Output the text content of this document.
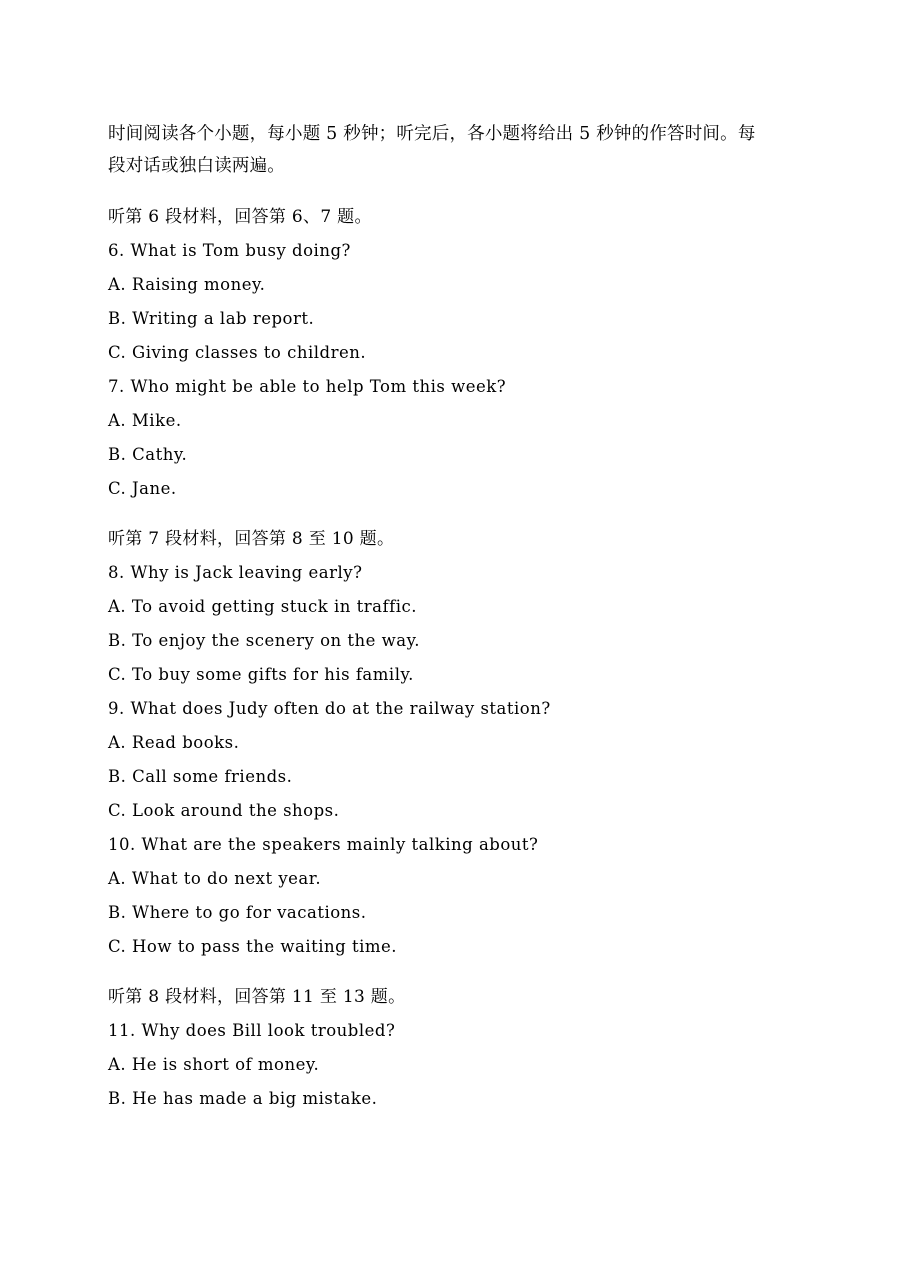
时间阅读各个小题，每小题 5 秒钟；听完后，各小题将给出 5 秒钟的作答时间。每
段对话或独白读两遍。
听第 6 段材料，回答第 6、7 题。
6. What is Tom busy doing?
A. Raising money.
B. Writing a lab report.
C. Giving classes to children.
7. Who might be able to help Tom this week?
A. Mike.
B. Cathy.
C. Jane.
听第 7 段材料，回答第 8 至 10 题。
8. Why is Jack leaving early?
A. To avoid getting stuck in traffic.
B. To enjoy the scenery on the way.
C. To buy some gifts for his family.
9. What does Judy often do at the railway station?
A. Read books.
B. Call some friends.
C. Look around the shops.
10. What are the speakers mainly talking about?
A. What to do next year.
B. Where to go for vacations.
C. How to pass the waiting time.
听第 8 段材料，回答第 11 至 13 题。
11. Why does Bill look troubled?
A. He is short of money.
B. He has made a big mistake.
